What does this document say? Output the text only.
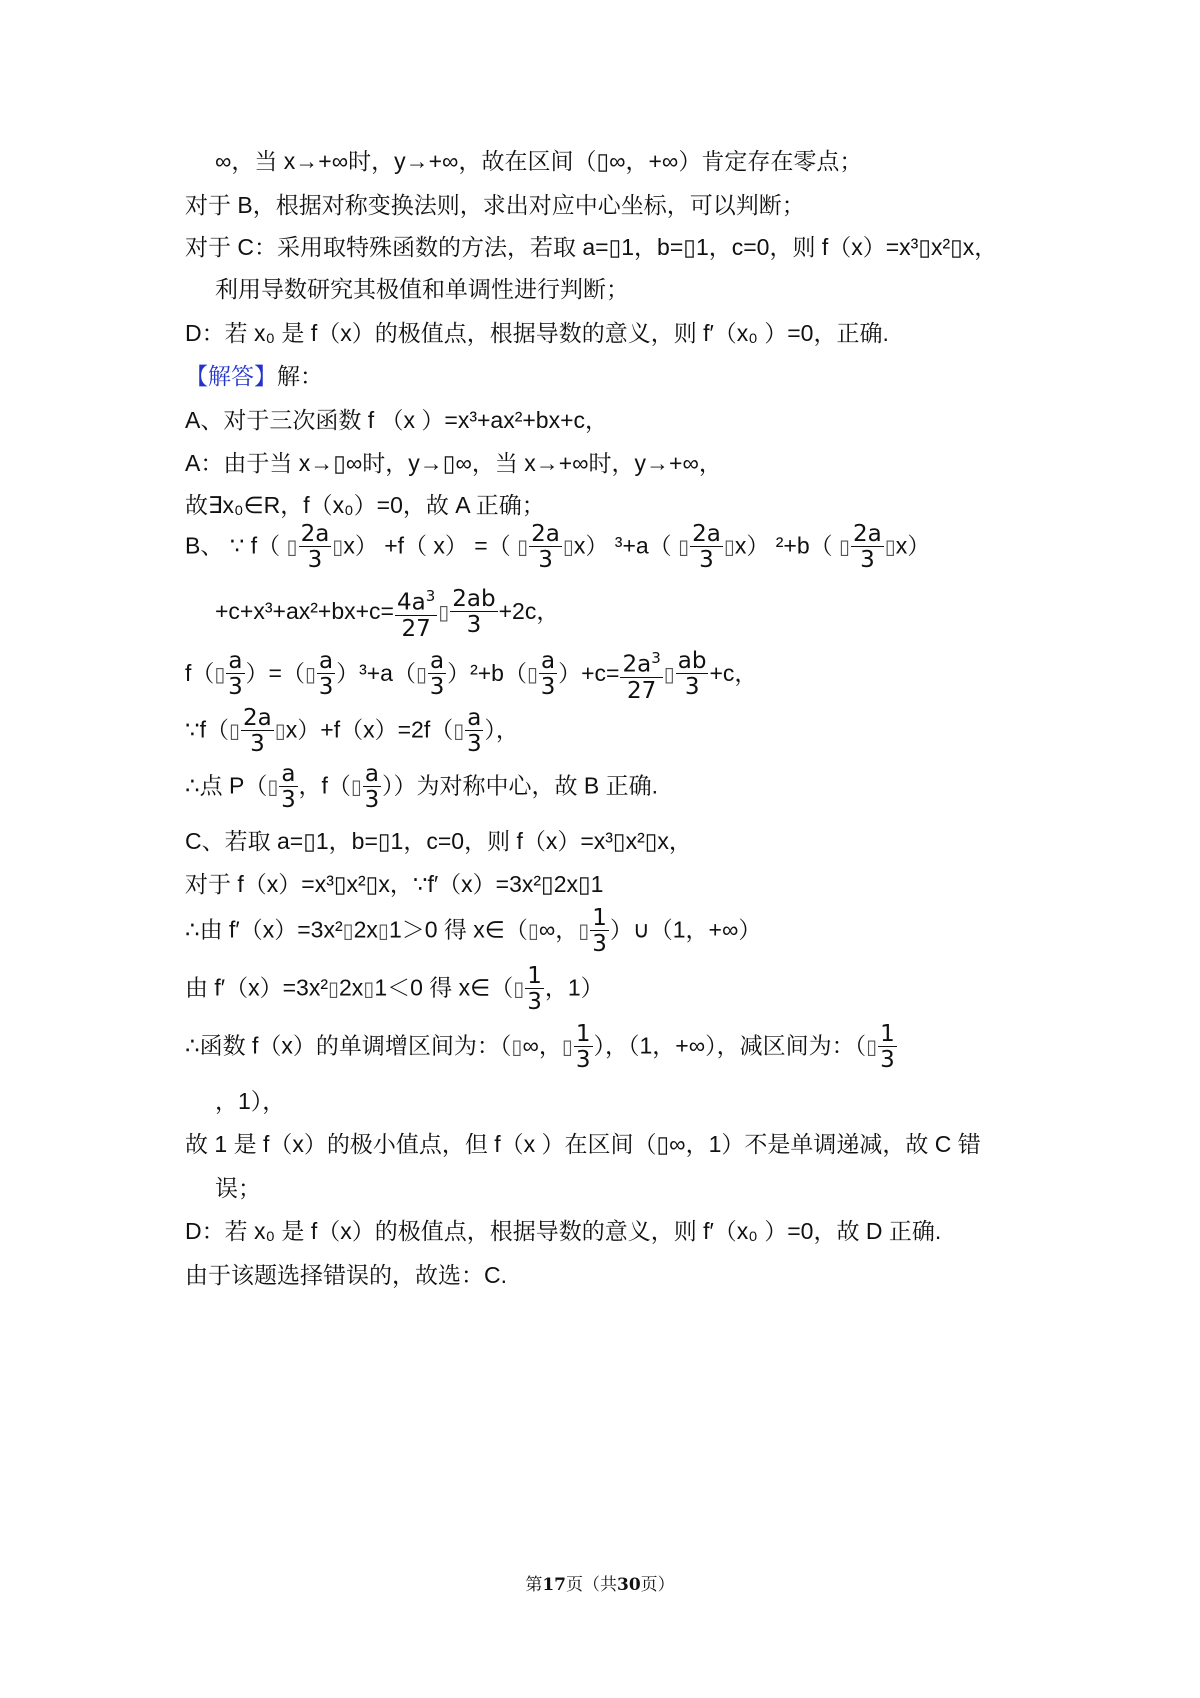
∞，当 x→+∞时，y→+∞，故在区间（▯∞，+∞）肯定存在零点；
对于 B，根据对称变换法则，求出对应中心坐标，可以判断；
对于 C：采用取特殊函数的方法，若取 a=▯1，b=▯1，c=0，则 f（x）=x³▯x²▯x，
利用导数研究其极值和单调性进行判断；
D：若 x₀ 是 f（x）的极值点，根据导数的意义，则 f′（x₀ ）=0，正确.
【解答】解：
A、对于三次函数 f （x ）=x³+ax²+bx+c，
A：由于当 x→▯∞时，y→▯∞，当 x→+∞时，y→+∞，
故∃x₀∈R，f（x₀）=0，故 A 正确；
B、 ∵ f（ ▯ $\frac{2a}{3}$ ▯x） +f（ x） =（ ▯ $\frac{2a}{3}$ ▯x） ³+a（ ▯ $\frac{2a}{3}$ ▯x） ²+b（ ▯ $\frac{2a}{3}$ ▯x）
$+c+x^3+ax^2+bx+c= \frac{4a^3}{27}$ ▯ $\frac{2ab}{3} +2c$，
f（▯ $\frac{a}{3}$ ）=（▯ $\frac{a}{3}$ ）³+a（▯ $\frac{a}{3}$ ）²+b（▯ $\frac{a}{3} )+c= \frac{2a^3}{27}$ ▯ $\frac{ab}{3} +c$，
∵f（▯ $\frac{2a}{3}$ ▯x）+f（x）=2f（▯ $\frac{a}{3}$ ），
∴点 P（▯ $\frac{a}{3}$ ，f（▯ $\frac{a}{3}$ ））为对称中心，故 B 正确.
C、若取 a=▯1，b=▯1，c=0，则 f（x）=x³▯x²▯x，
对于 f（x）=x³▯x²▯x，∵f′（x）=3x²▯2x▯1
∴由 f′（x）=3x²▯2x▯1＞0 得 x∈（▯∞，▯ $\frac{1}{3}$ ）∪（1，+∞）
由 f′（x）=3x²▯2x▯1＜0 得 x∈（▯ $\frac{1}{3}$ ，1）
∴函数 f（x）的单调增区间为：（▯∞，▯ $\frac{1}{3}$ ），（1，+∞），减区间为：（▯ $\frac{1}{3}$
，1），
故 1 是 f（x）的极小值点，但 f（x ）在区间（▯∞，1）不是单调递减，故 C 错
误；
D：若 x₀ 是 f（x）的极值点，根据导数的意义，则 f′（x₀ ）=0，故 D 正确.
由于该题选择错误的，故选：C.
第17页（共30页）
